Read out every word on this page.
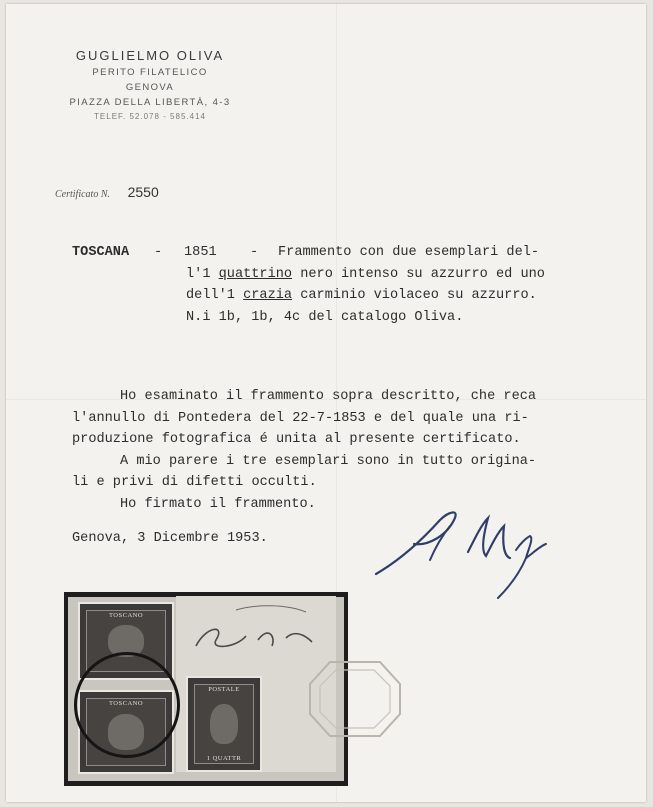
GUGLIELMO OLIVA
PERITO FILATELICO
GENOVA
PIAZZA DELLA LIBERTÀ, 4-3
TELEF. 52.078 - 585.414
Certificato N. 2550
TOSCANA	-	1851	-	Frammento con due esemplari del-
l'1 quattrino nero intenso su azzurro ed uno
dell'1 crazia carminio violaceo su azzurro.
N.i 1b, 1b, 4c del catalogo Oliva.
Ho esaminato il frammento sopra descritto, che reca
l'annullo di Pontedera del 22-7-1853 e del quale una ri-
produzione fotografica é unita al presente certificato.
A mio parere i tre esemplari sono in tutto origina-
li e privi di difetti occulti.
Ho firmato il frammento.
Genova, 3 Dicembre 1953.
TOSCANO
TOSCANO
POSTALE
1 QUATTR
